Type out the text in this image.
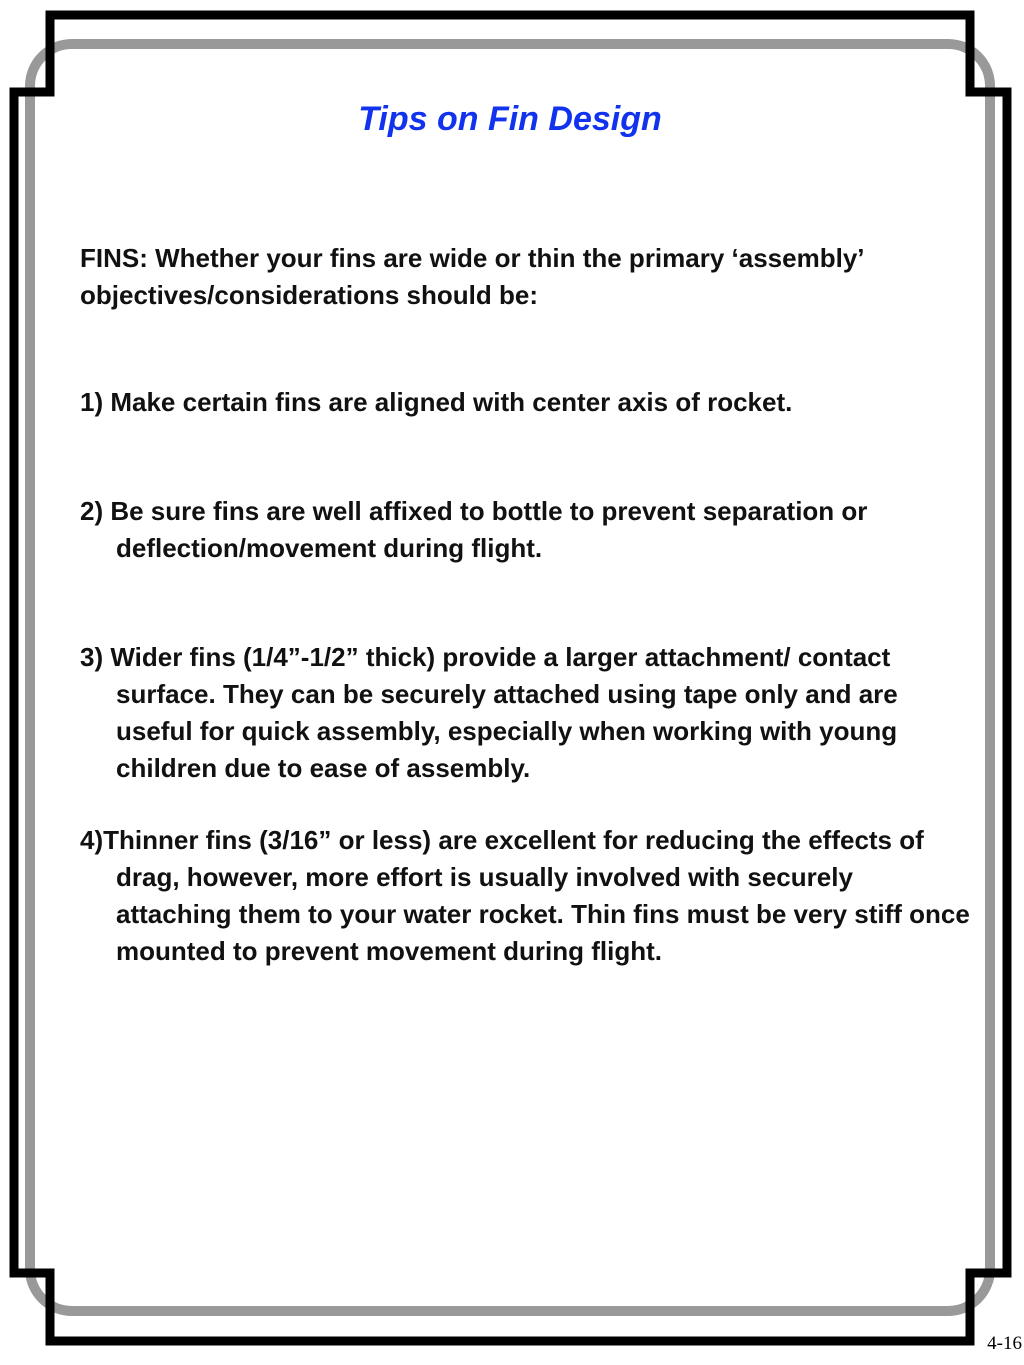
Tips on Fin Design

FINS: Whether your fins are wide or thin the primary ‘assembly’ objectives/considerations should be:

1) Make certain fins are aligned with center axis of rocket.

2) Be sure fins are well affixed to bottle to prevent separation or deflection/movement during flight.

3) Wider fins (1/4”-1/2” thick) provide a larger attachment/ contact surface. They can be securely attached using tape only and are useful for quick assembly, especially when working with young children due to ease of assembly.

4)Thinner fins (3/16” or less) are excellent for reducing the effects of drag, however, more effort is usually involved with securely attaching them to your water rocket. Thin fins must be very stiff once mounted to prevent movement during flight.

4-16
